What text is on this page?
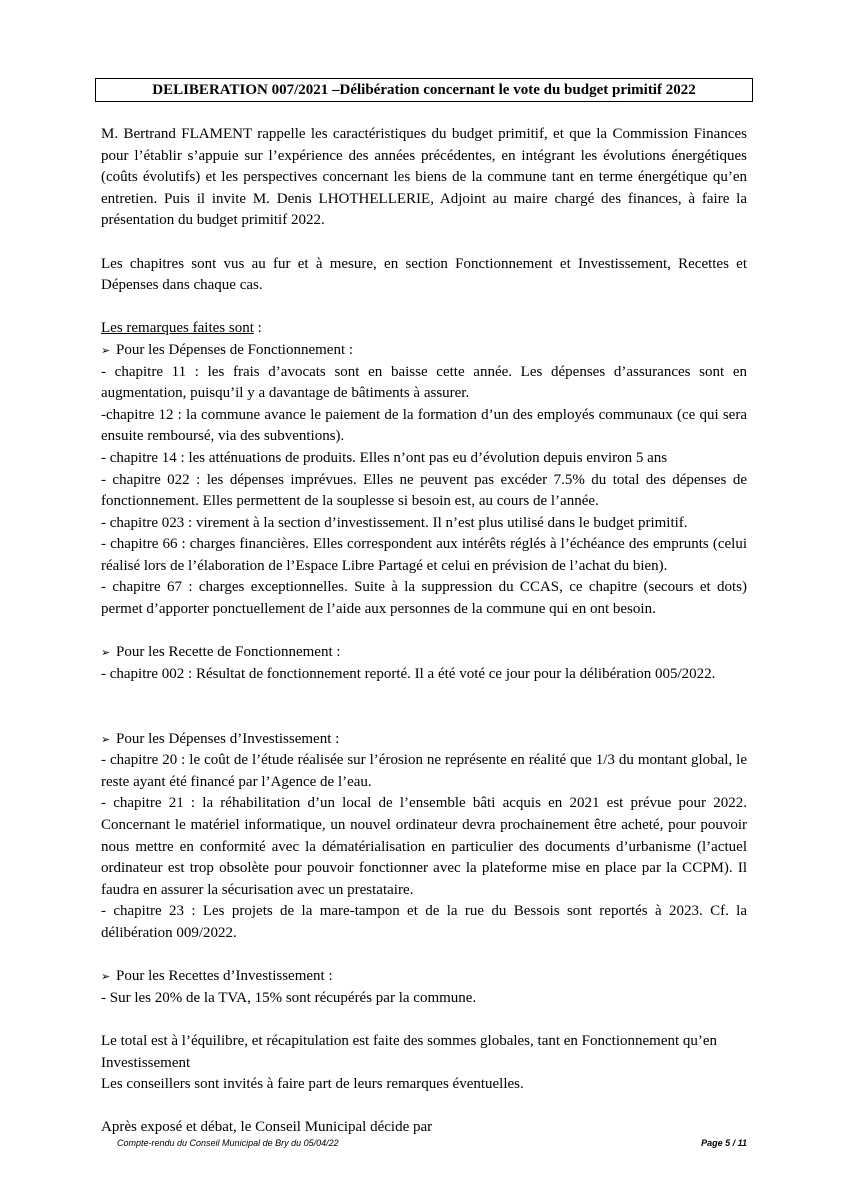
DELIBERATION 007/2021 –Délibération concernant le vote du budget primitif 2022

M. Bertrand FLAMENT rappelle les caractéristiques du budget primitif, et que la Commission Finances pour l’établir s’appuie sur l’expérience des années précédentes, en intégrant les évolutions énergétiques (coûts évolutifs) et les perspectives concernant les biens de la commune tant en terme énergétique qu’en entretien. Puis il invite M. Denis LHOTHELLERIE, Adjoint au maire chargé des finances, à faire la présentation du budget primitif 2022.

Les chapitres sont vus au fur et à mesure, en section Fonctionnement et Investissement, Recettes et Dépenses dans chaque cas.

Les remarques faites sont :

➢ Pour les Dépenses de Fonctionnement :

- chapitre 11 : les frais d’avocats sont en baisse cette année. Les dépenses d’assurances sont en augmentation, puisqu’il y a davantage de bâtiments à assurer.

-chapitre 12 : la commune avance le paiement de la formation d’un des employés communaux (ce qui sera ensuite remboursé, via des subventions).

- chapitre 14 : les atténuations de produits. Elles n’ont pas eu d’évolution depuis environ 5 ans

- chapitre 022 : les dépenses imprévues. Elles ne peuvent pas excéder 7.5% du total des dépenses de fonctionnement. Elles permettent de la souplesse si besoin est, au cours de l’année.

- chapitre 023 : virement à la section d’investissement. Il n’est plus utilisé dans le budget primitif.

- chapitre 66 : charges financières. Elles correspondent aux intérêts réglés à l’échéance des emprunts (celui réalisé lors de l’élaboration de l’Espace Libre Partagé et celui en prévision de l’achat du bien).

- chapitre 67 : charges exceptionnelles. Suite à la suppression du CCAS, ce chapitre (secours et dots) permet d’apporter ponctuellement de l’aide aux personnes de la commune qui en ont besoin.

➢ Pour les Recette de Fonctionnement :

- chapitre 002 : Résultat de fonctionnement reporté. Il a été voté ce jour pour la délibération 005/2022.

➢ Pour les Dépenses d’Investissement :

- chapitre 20 : le coût de l’étude réalisée sur l’érosion ne représente en réalité que 1/3 du montant global, le reste ayant été financé par l’Agence de l’eau.

- chapitre 21 : la réhabilitation d’un local de l’ensemble bâti acquis en 2021 est prévue pour 2022. Concernant le matériel informatique, un nouvel ordinateur devra prochainement être acheté, pour pouvoir nous mettre en conformité avec la dématérialisation en particulier des documents d’urbanisme (l’actuel ordinateur est trop obsolète pour pouvoir fonctionner avec la plateforme mise en place par la CCPM). Il faudra en assurer la sécurisation avec un prestataire.

- chapitre 23 : Les projets de la mare-tampon et de la rue du Bessois sont reportés à 2023. Cf. la délibération 009/2022.

➢ Pour les Recettes d’Investissement :

- Sur les 20% de la TVA, 15% sont récupérés par la commune.

Le total est à l’équilibre, et récapitulation est faite des sommes globales, tant en Fonctionnement qu’en Investissement

Les conseillers sont invités à faire part de leurs remarques éventuelles.

Après exposé et débat, le Conseil Municipal décide par

Compte-rendu du Conseil Municipal de Bry du 05/04/22	Page 5 / 11
